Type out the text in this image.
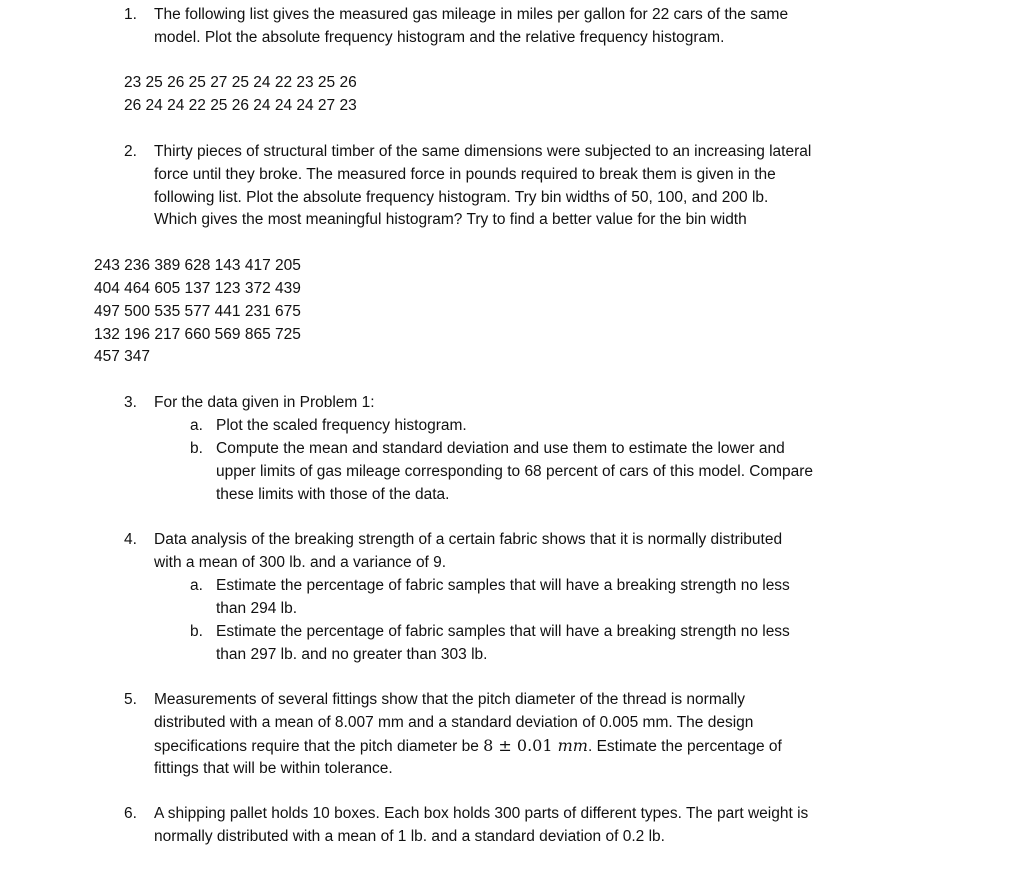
1. The following list gives the measured gas mileage in miles per gallon for 22 cars of the same
model. Plot the absolute frequency histogram and the relative frequency histogram.
23 25 26 25 27 25 24 22 23 25 26
26 24 24 22 25 26 24 24 24 27 23
2. Thirty pieces of structural timber of the same dimensions were subjected to an increasing lateral
force until they broke. The measured force in pounds required to break them is given in the
following list. Plot the absolute frequency histogram. Try bin widths of 50, 100, and 200 lb.
Which gives the most meaningful histogram? Try to find a better value for the bin width
243 236 389 628 143 417 205
404 464 605 137 123 372 439
497 500 535 577 441 231 675
132 196 217 660 569 865 725
457 347
3. For the data given in Problem 1:
a. Plot the scaled frequency histogram.
b. Compute the mean and standard deviation and use them to estimate the lower and
upper limits of gas mileage corresponding to 68 percent of cars of this model. Compare
these limits with those of the data.
4. Data analysis of the breaking strength of a certain fabric shows that it is normally distributed
with a mean of 300 lb. and a variance of 9.
a. Estimate the percentage of fabric samples that will have a breaking strength no less
than 294 lb.
b. Estimate the percentage of fabric samples that will have a breaking strength no less
than 297 lb. and no greater than 303 lb.
5. Measurements of several fittings show that the pitch diameter of the thread is normally
distributed with a mean of 8.007 mm and a standard deviation of 0.005 mm. The design
specifications require that the pitch diameter be 8 ± 0.01 mm. Estimate the percentage of
fittings that will be within tolerance.
6. A shipping pallet holds 10 boxes. Each box holds 300 parts of different types. The part weight is
normally distributed with a mean of 1 lb. and a standard deviation of 0.2 lb.
